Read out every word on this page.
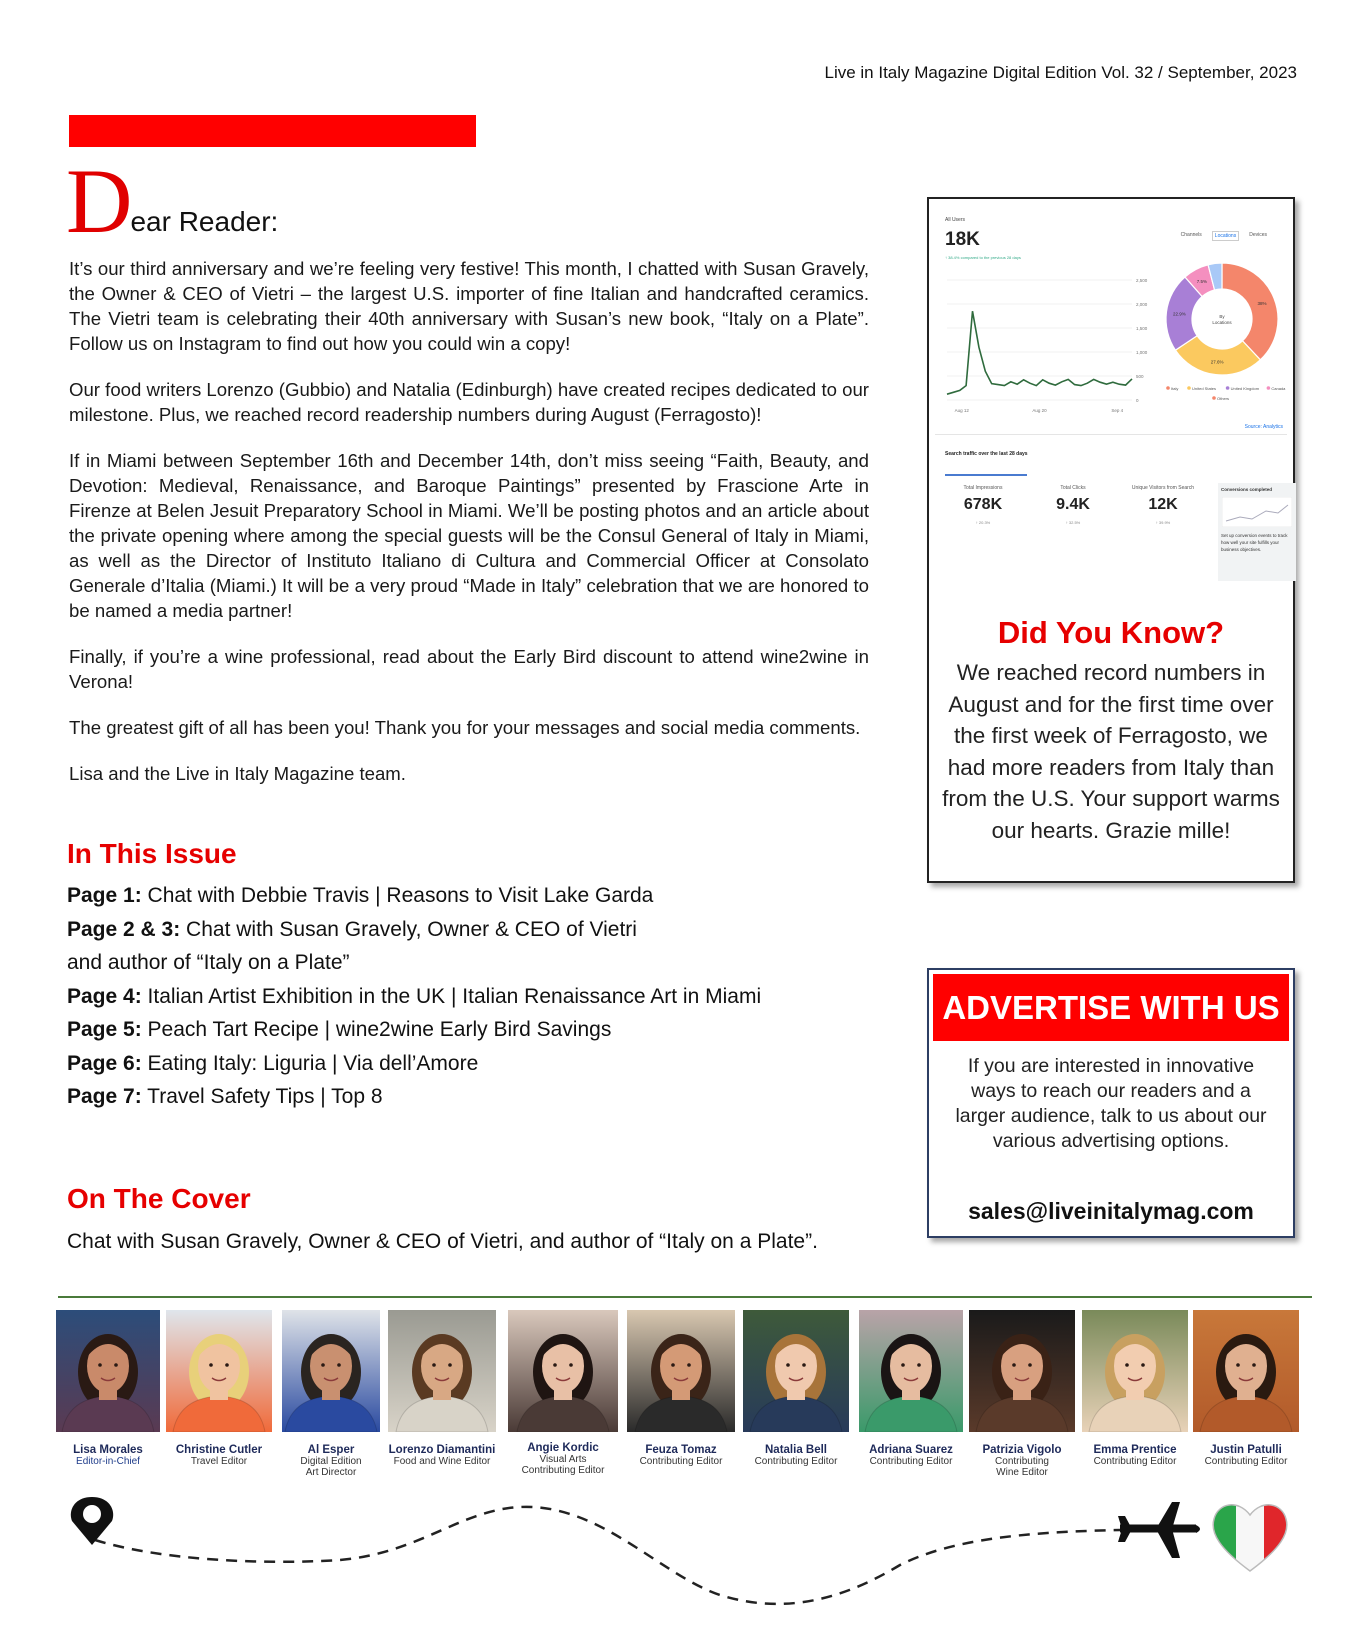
Live in Italy Magazine Digital Edition Vol. 32 / September, 2023
Dear Reader:

It’s our third anniversary and we’re feeling very festive! This month, I chatted with Susan Gravely, the Owner & CEO of Vietri – the largest U.S. importer of fine Italian and handcrafted ceramics. The Vietri team is celebrating their 40th anniversary with Susan’s new book, “Italy on a Plate”. Follow us on Instagram to find out how you could win a copy!

Our food writers Lorenzo (Gubbio) and Natalia (Edinburgh) have created recipes dedicated to our milestone. Plus, we reached record readership numbers during August (Ferragosto)!

If in Miami between September 16th and December 14th, don’t miss seeing “Faith, Beauty, and Devotion: Medieval, Renaissance, and Baroque Paintings” presented by Frascione Arte in Firenze at Belen Jesuit Preparatory School in Miami. We’ll be posting photos and an article about the private opening where among the special guests will be the Consul General of Italy in Miami, as well as the Director of Instituto Italiano di Cultura and Commercial Officer at Consolato Generale d’Italia (Miami.) It will be a very proud “Made in Italy” celebration that we are honored to be named a media partner!

Finally, if you’re a wine professional, read about the Early Bird discount to attend wine2wine in Verona!

The greatest gift of all has been you! Thank you for your messages and social media comments.

Lisa and the Live in Italy Magazine team.

In This Issue
Page 1: Chat with Debbie Travis | Reasons to Visit Lake Garda
Page 2 & 3: Chat with Susan Gravely, Owner & CEO of Vietri
and author of “Italy on a Plate”
Page 4: Italian Artist Exhibition in the UK | Italian Renaissance Art in Miami
Page 5: Peach Tart Recipe | wine2wine Early Bird Savings
Page 6: Eating Italy: Liguria | Via dell’Amore
Page 7: Travel Safety Tips | Top 8
On The Cover
Chat with Susan Gravely, Owner & CEO of Vietri, and author of “Italy on a Plate”.
All Users
18K
↑ 38.4% compared to the previous 28 days
Channels	Locations	Devices
2,500
2,000
1,500
1,000
500
0
Aug 12	Aug 20	Sep 4
38%
27.6%
22.9%
7.5%
By
Locations
Italy	United States	United Kingdom	Canada
Others
Source: Analytics
Search traffic over the last 28 days
Total Impressions
678K
↑ 20.3%
Total Clicks
9.4K
↑ 32.5%
Unique Visitors from Search
12K
↑ 39.9%
Conversions completed
Set up conversion events to track how well your site fulfills your business objectives.
Did You Know?
We reached record numbers in August and for the first time over the first week of Ferragosto, we had more readers from Italy than from the U.S. Your support warms our hearts. Grazie mille!
ADVERTISE WITH US
If you are interested in innovative ways to reach our readers and a larger audience, talk to us about our various advertising options.
sales@liveinitalymag.com
Lisa Morales
Editor-in-Chief
Christine Cutler
Travel Editor
Al Esper
Digital Edition
Art Director
Lorenzo Diamantini
Food and Wine Editor
Angie Kordic
Visual Arts
Contributing Editor
Feuza Tomaz
Contributing Editor
Natalia Bell
Contributing Editor
Adriana Suarez
Contributing Editor
Patrizia Vigolo
Contributing
Wine Editor
Emma Prentice
Contributing Editor
Justin Patulli
Contributing Editor
